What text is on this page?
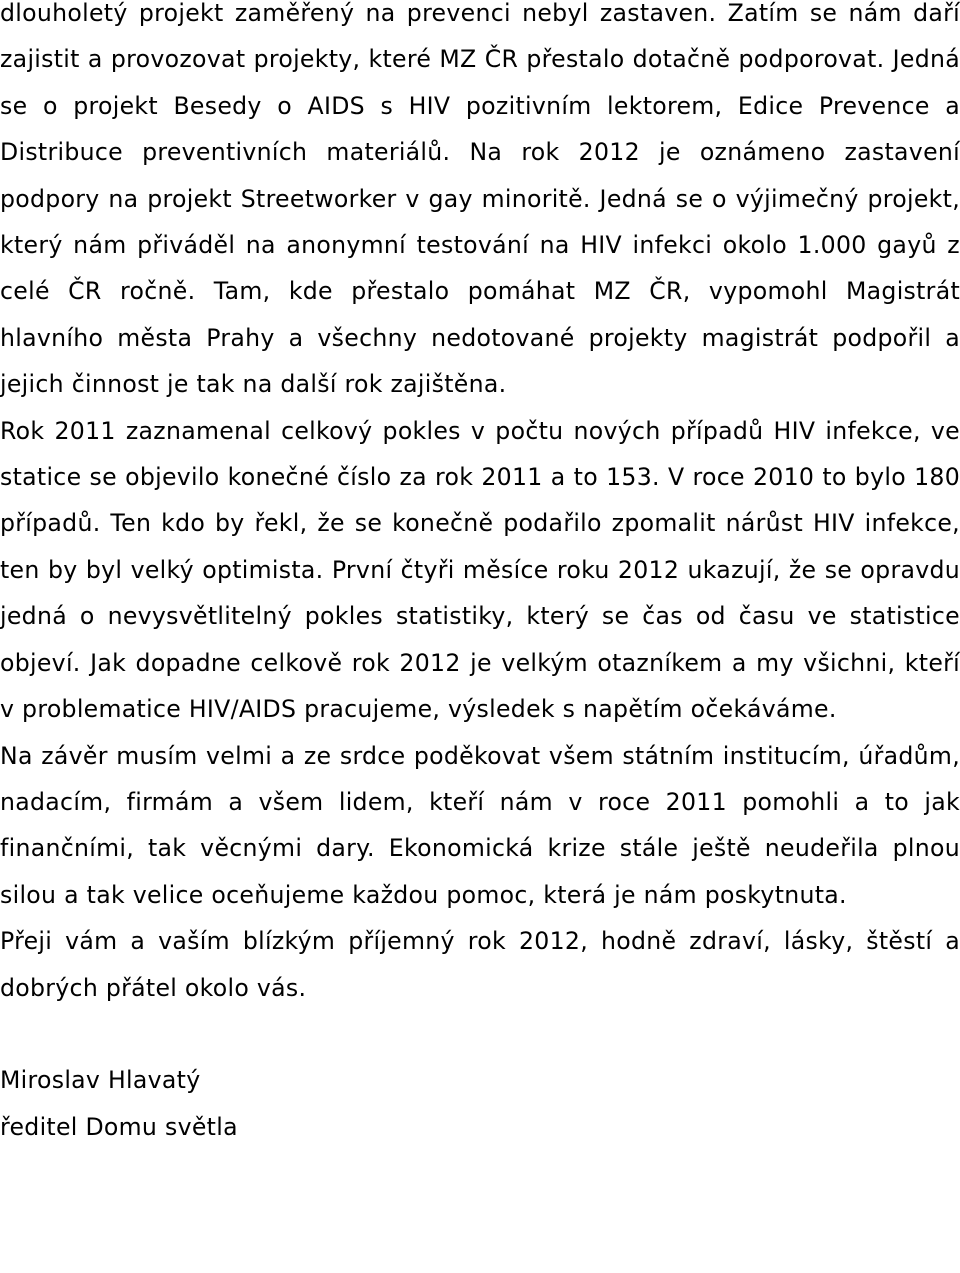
dlouholetý projekt zaměřený na prevenci nebyl zastaven. Zatím se nám daří zajistit a provozovat projekty, které MZ ČR přestalo dotačně podporovat. Jedná se o projekt Besedy o AIDS s HIV pozitivním lektorem, Edice Prevence a Distribuce preventivních materiálů. Na rok 2012 je oznámeno zastavení podpory na projekt Streetworker v gay minoritě. Jedná se o výjimečný projekt, který nám přiváděl na anonymní testování na HIV infekci okolo 1.000 gayů z celé ČR ročně. Tam, kde přestalo pomáhat MZ ČR, vypomohl Magistrát hlavního města Prahy a všechny nedotované projekty magistrát podpořil a jejich činnost je tak na další rok zajištěna.

Rok 2011 zaznamenal celkový pokles v počtu nových případů HIV infekce, ve statice se objevilo konečné číslo za rok 2011 a to 153. V roce 2010 to bylo 180 případů. Ten kdo by řekl, že se konečně podařilo zpomalit nárůst HIV infekce, ten by byl velký optimista. První čtyři měsíce roku 2012 ukazují, že se opravdu jedná o nevysvětlitelný pokles statistiky, který se čas od času ve statistice objeví. Jak dopadne celkově rok 2012 je velkým otazníkem a my všichni, kteří v problematice HIV/AIDS pracujeme, výsledek s napětím očekáváme.

Na závěr musím velmi a ze srdce poděkovat všem státním institucím, úřadům, nadacím, firmám a všem lidem, kteří nám v roce 2011 pomohli a to jak finančními, tak věcnými dary. Ekonomická krize stále ještě neudeřila plnou silou a tak velice oceňujeme každou pomoc, která je nám poskytnuta.

Přeji vám a vaším blízkým příjemný rok 2012, hodně zdraví, lásky, štěstí a dobrých přátel okolo vás.

Miroslav Hlavatý

ředitel Domu světla
